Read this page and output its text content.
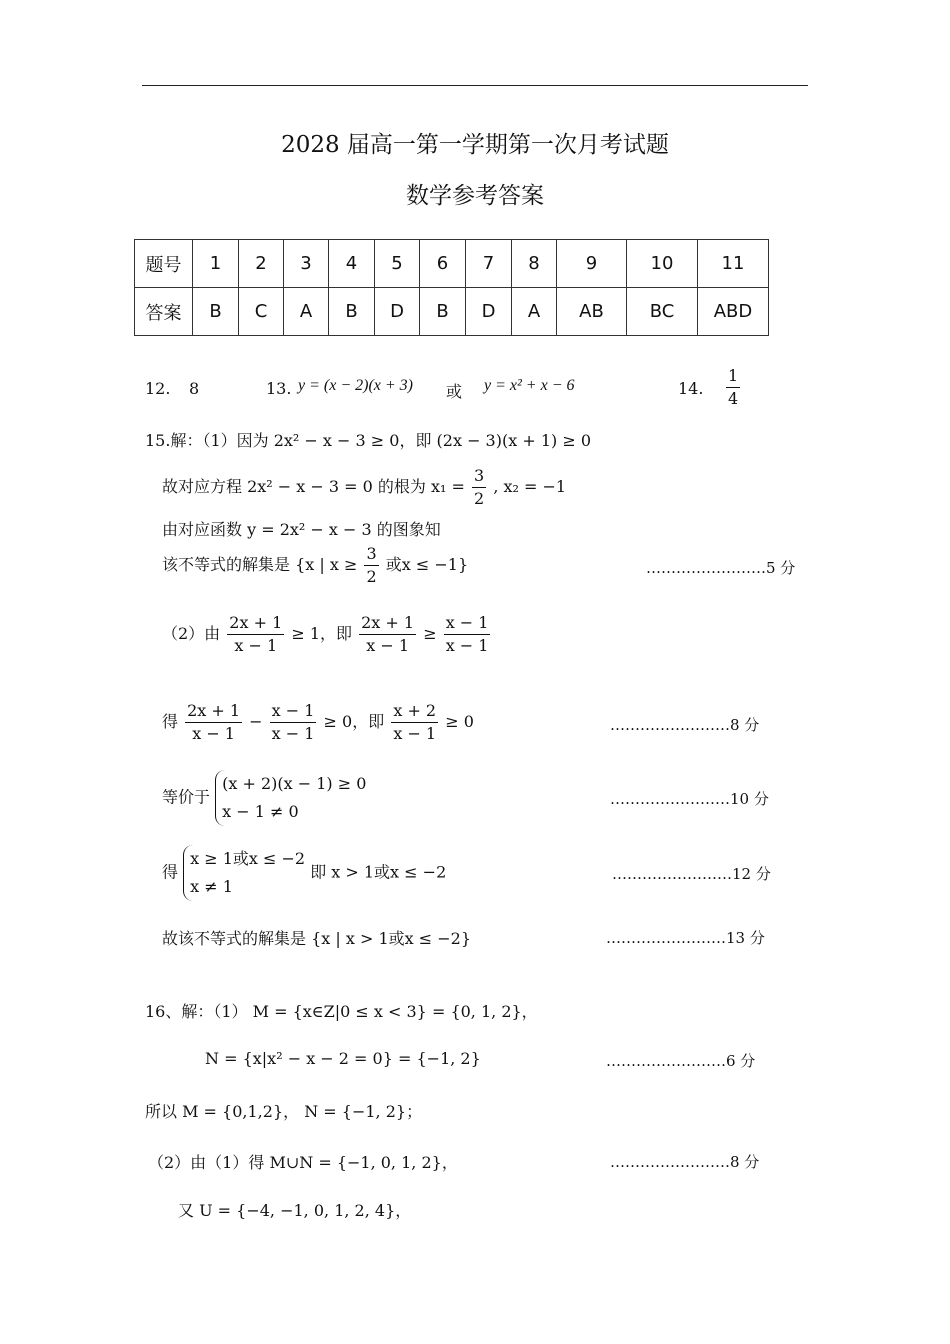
2028 届高一第一学期第一次月考试题
数学参考答案
题号	1	2	3	4	5	6	7	8	9	10	11
答案	B	C	A	B	D	B	D	A	AB	BC	ABD
12. 8	13. y = (x − 2)(x + 3) 或 y = x² + x − 6	14. $\frac{1}{4}$
15.解：（1）因为 2x² − x − 3 ≥ 0，即 (2x − 3)(x + 1) ≥ 0
故对应方程 2x² − x − 3 = 0 的根为 $x_1 = \frac{3}{2}$ , x₂ = −1
由对应函数 y = 2x² − x − 3 的图象知
该不等式的解集是 {x | $x \ge \frac{3}{2}$ 或x ≤ −1}	……………………5 分
（2）由 $\frac{2x + 1}{x - 1} \ge 1$，即 $\frac{2x + 1}{x - 1} \ge \frac{x - 1}{x - 1}$
得 $\frac{2x + 1}{x - 1} - \frac{x - 1}{x - 1} \ge 0$，即 $\frac{x + 2}{x - 1} \ge 0$	……………………8 分
等价于
(x + 2)(x − 1) ≥ 0
x − 1 ≠ 0
……………………10 分
得
x ≥ 1或x ≤ −2
x ≠ 1
即 x > 1或x ≤ −2	……………………12 分
故该不等式的解集是 {x | x > 1或x ≤ −2}	……………………13 分
16、解：（1） M = {x∈Z|0 ≤ x < 3} = {0, 1, 2}，
N = {x|x² − x − 2 = 0} = {−1, 2}	……………………6 分
所以 M = {0,1,2}， N = {−1, 2}；
（2）由（1）得 M∪N = {−1, 0, 1, 2}，	……………………8 分
又 U = {−4, −1, 0, 1, 2, 4}，
